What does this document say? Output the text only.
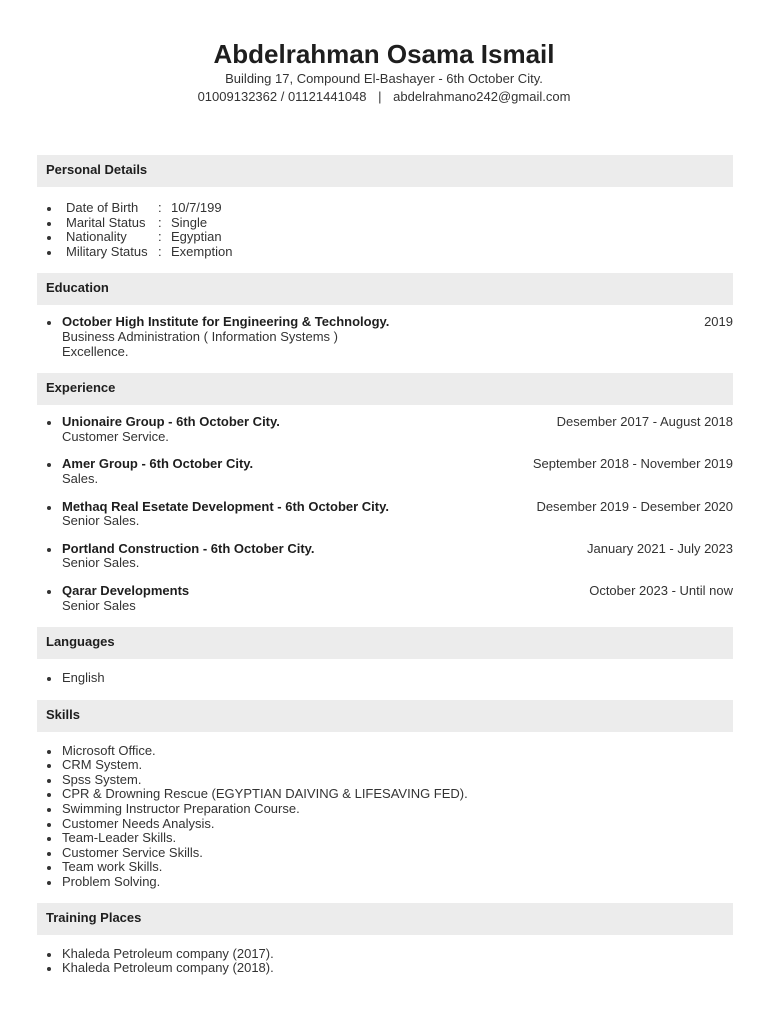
Abdelrahman Osama Ismail
Building 17, Compound El-Bashayer - 6th October City.
01009132362 / 01121441048 | abdelrahmano242@gmail.com
Personal Details
Date of Birth	: 10/7/199
Marital Status : Single
Nationality	: Egyptian
Military Status : Exemption
Education
October High Institute for Engineering & Technology.
Business Administration ( Information Systems )
Excellence.
2019
Experience
Unionaire Group - 6th October City.
Customer Service.
Desember 2017 - August 2018
Amer Group - 6th October City.
Sales.
September 2018 - November 2019
Methaq Real Esetate Development - 6th October City.
Senior Sales.
Desember 2019 - Desember 2020
Portland Construction - 6th October City.
Senior Sales.
January 2021 - July 2023
Qarar Developments
Senior Sales
October 2023 - Until now
Languages
English
Skills
Microsoft Office.
CRM System.
Spss System.
CPR & Drowning Rescue (EGYPTIAN DAIVING & LIFESAVING FED).
Swimming Instructor Preparation Course.
Customer Needs Analysis.
Team-Leader Skills.
Customer Service Skills.
Team work Skills.
Problem Solving.
Training Places
Khaleda Petroleum company (2017).
Khaleda Petroleum company (2018).
